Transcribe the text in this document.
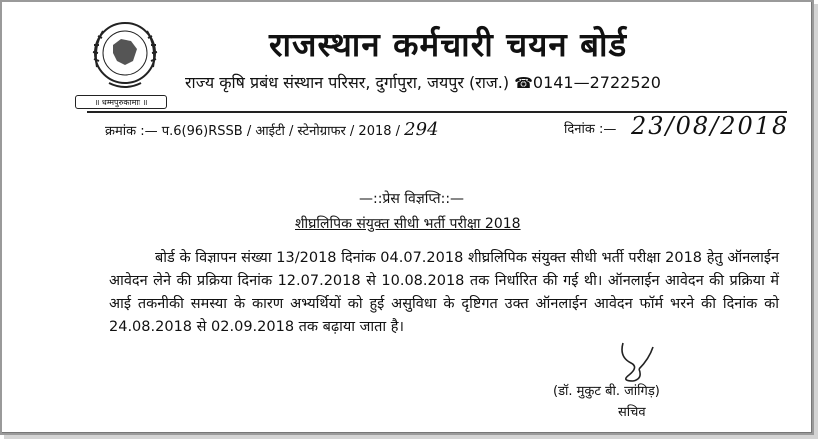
॥ धम्मपुरुकामाः ॥
राजस्थान कर्मचारी चयन बोर्ड
राज्य कृषि प्रबंध संस्थान परिसर, दुर्गापुरा, जयपुर (राज.) ☎0141—2722520
क्रमांक :— प.6(96)RSSB / आईटी / स्टेनोग्राफर / 2018 / 294	दिनांक :— 23/08/2018
—::प्रेस विज्ञप्ति::—
शीघ्रलिपिक संयुक्त सीधी भर्ती परीक्षा 2018

बोर्ड के विज्ञापन संख्या 13/2018 दिनांक 04.07.2018 शीघ्रलिपिक संयुक्त सीधी भर्ती परीक्षा 2018 हेतु ऑनलाईन आवेदन लेने की प्रक्रिया दिनांक 12.07.2018 से 10.08.2018 तक निर्धारित की गई थी। ऑनलाईन आवेदन की प्रक्रिया में आई तकनीकी समस्या के कारण अभ्यर्थियों को हुई असुविधा के दृष्टिगत उक्त ऑनलाईन आवेदन फॉर्म भरने की दिनांक को 24.08.2018 से 02.09.2018 तक बढ़ाया जाता है।

(डॉ. मुकुट बी. जांगिड़)
सचिव
